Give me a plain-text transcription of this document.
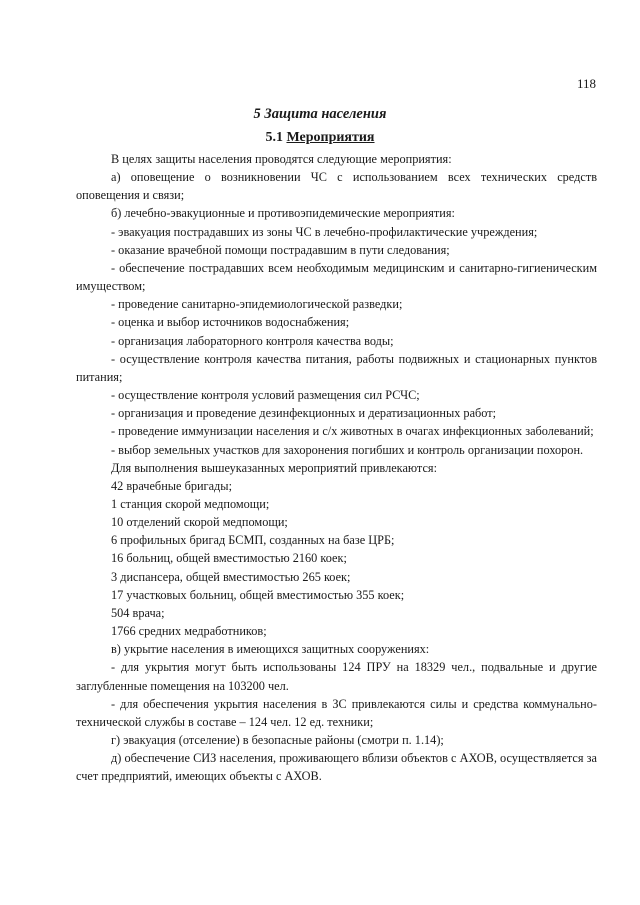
118
5 Защита населения
5.1 Мероприятия

В целях защиты населения проводятся следующие мероприятия:

а) оповещение о возникновении ЧС с использованием всех технических средств оповещения и связи;

б) лечебно-эвакуционные и противоэпидемические мероприятия:

- эвакуация пострадавших из зоны ЧС в лечебно-профилактические учреждения;

- оказание врачебной помощи пострадавшим в пути следования;

- обеспечение пострадавших всем необходимым медицинским и санитарно-гигиеническим имуществом;

- проведение санитарно-эпидемиологической разведки;

- оценка и выбор источников водоснабжения;

- организация лабораторного контроля качества воды;

- осуществление контроля качества питания, работы подвижных и стационарных пунктов питания;

- осуществление контроля условий размещения сил РСЧС;

- организация и проведение дезинфекционных и дератизационных работ;

- проведение иммунизации населения и с/х животных в очагах инфекционных заболеваний;

- выбор земельных участков для захоронения погибших и контроль организации похорон.

Для выполнения вышеуказанных мероприятий привлекаются:

42 врачебные бригады;

1 станция скорой медпомощи;

10 отделений скорой медпомощи;

6 профильных бригад БСМП, созданных на базе ЦРБ;

16 больниц, общей вместимостью 2160 коек;

3 диспансера, общей вместимостью 265 коек;

17 участковых больниц, общей вместимостью 355 коек;

504 врача;

1766 средних медработников;

в) укрытие населения в имеющихся защитных сооружениях:

- для укрытия могут быть использованы 124 ПРУ на 18329 чел., подвальные и другие заглубленные помещения на 103200 чел.

- для обеспечения укрытия населения в ЗС привлекаются силы и средства коммунально-технической службы в составе – 124 чел. 12 ед. техники;

г) эвакуация (отселение) в безопасные районы (смотри п. 1.14);

д) обеспечение СИЗ населения, проживающего вблизи объектов с АХОВ, осуществляется за счет предприятий, имеющих объекты с АХОВ.
